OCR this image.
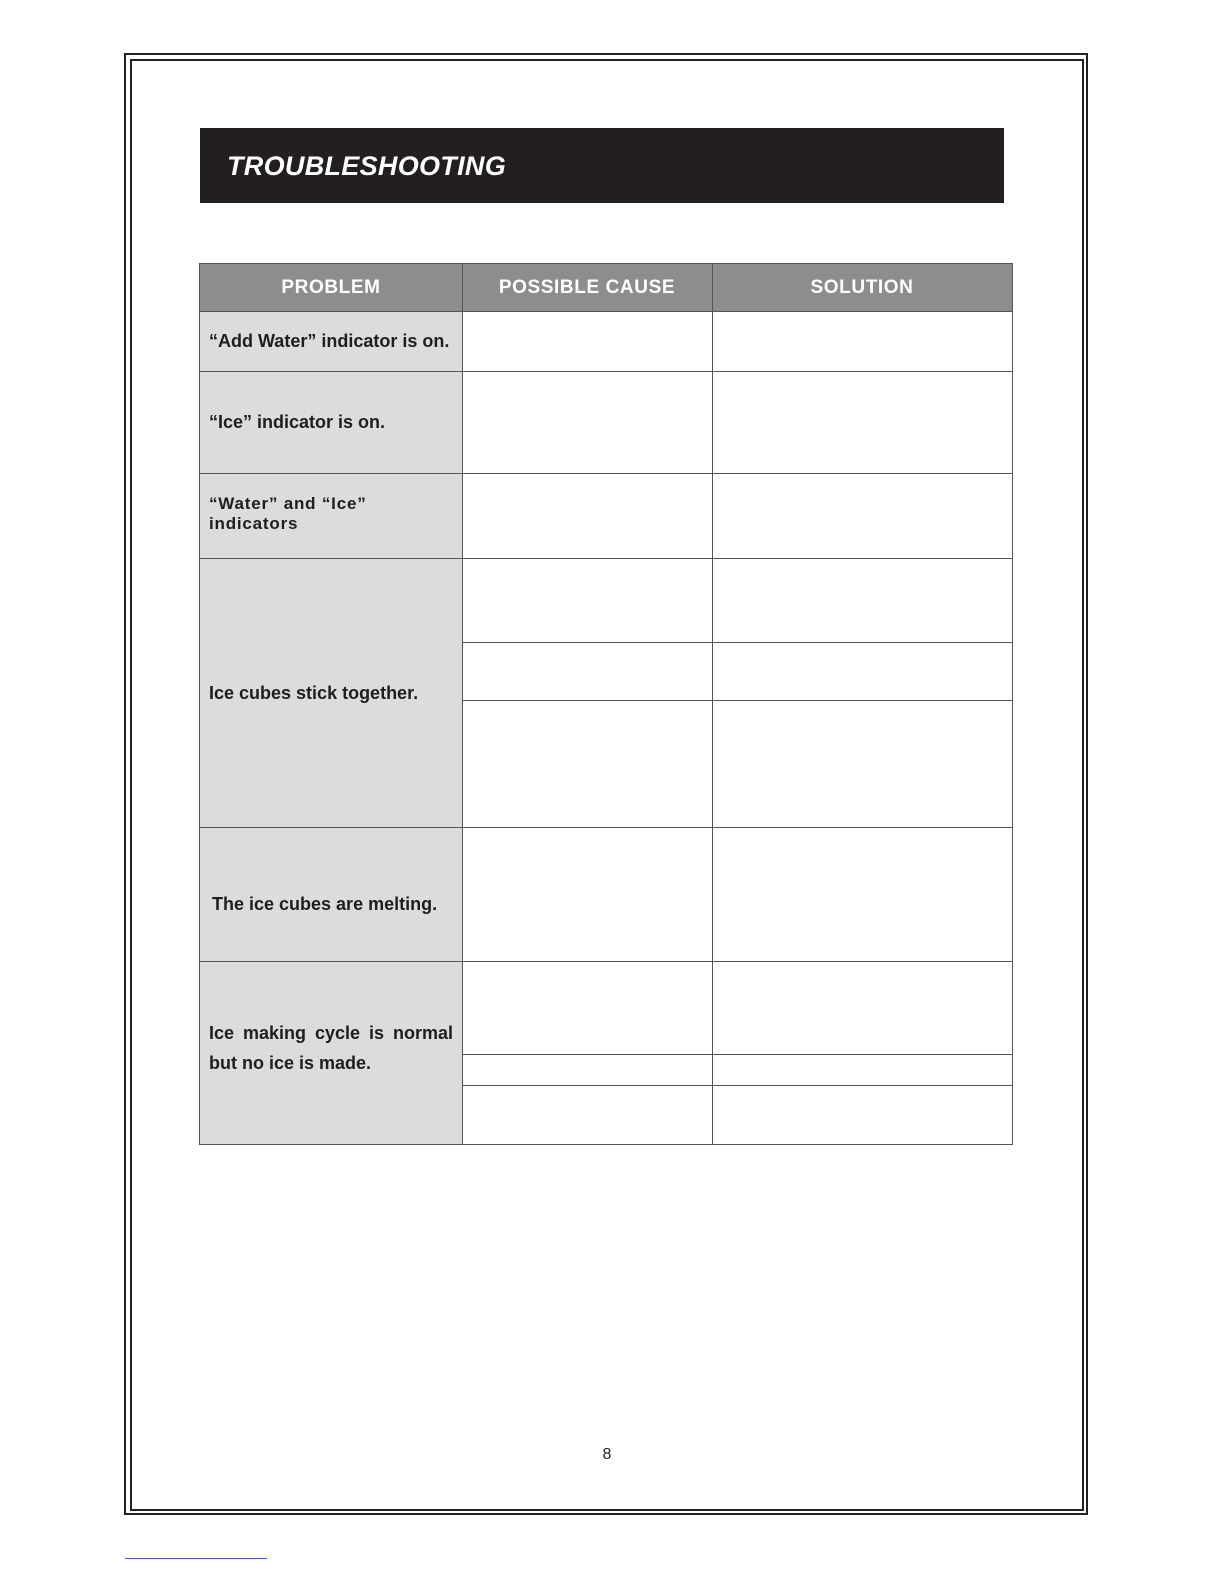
TROUBLESHOOTING
PROBLEM	POSSIBLE CAUSE	SOLUTION
“Add Water” indicator is on.
“Ice” indicator is on.
“Water” and “Ice” indicators
Ice cubes stick together.
The ice cubes are melting.
Ice making cycle is normal but no ice is made.
8
